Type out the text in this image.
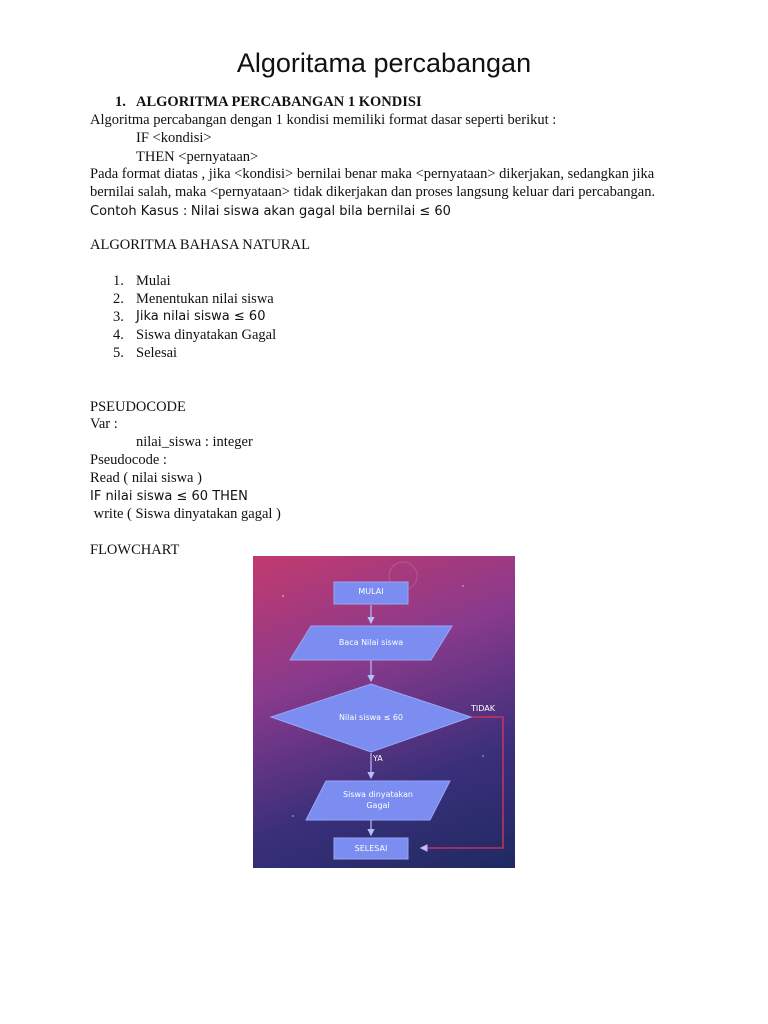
Algoritama percabangan
1. ALGORITMA PERCABANGAN 1 KONDISI

Algoritma percabangan dengan 1 kondisi memiliki format dasar seperti berikut :

IF <kondisi>

THEN <pernyataan>

Pada format diatas , jika <kondisi> bernilai benar maka <pernyataan> dikerjakan, sedangkan jika

bernilai salah, maka <pernyataan> tidak dikerjakan dan proses langsung keluar dari percabangan.

Contoh Kasus : Nilai siswa akan gagal bila bernilai ≤ 60

ALGORITMA BAHASA NATURAL

1. Mulai

2. Menentukan nilai siswa

3. Jika nilai siswa ≤ 60

4. Siswa dinyatakan Gagal

5. Selesai

PSEUDOCODE

Var :

nilai_siswa : integer

Pseudocode :

Read ( nilai siswa )

IF nilai siswa ≤ 60 THEN

write ( Siswa dinyatakan gagal )

FLOWCHART

MULAI
Baca Nilai siswa
Nilai siswa ≤ 60
TIDAK
YA
Siswa dinyatakan
Gagal
SELESAI
